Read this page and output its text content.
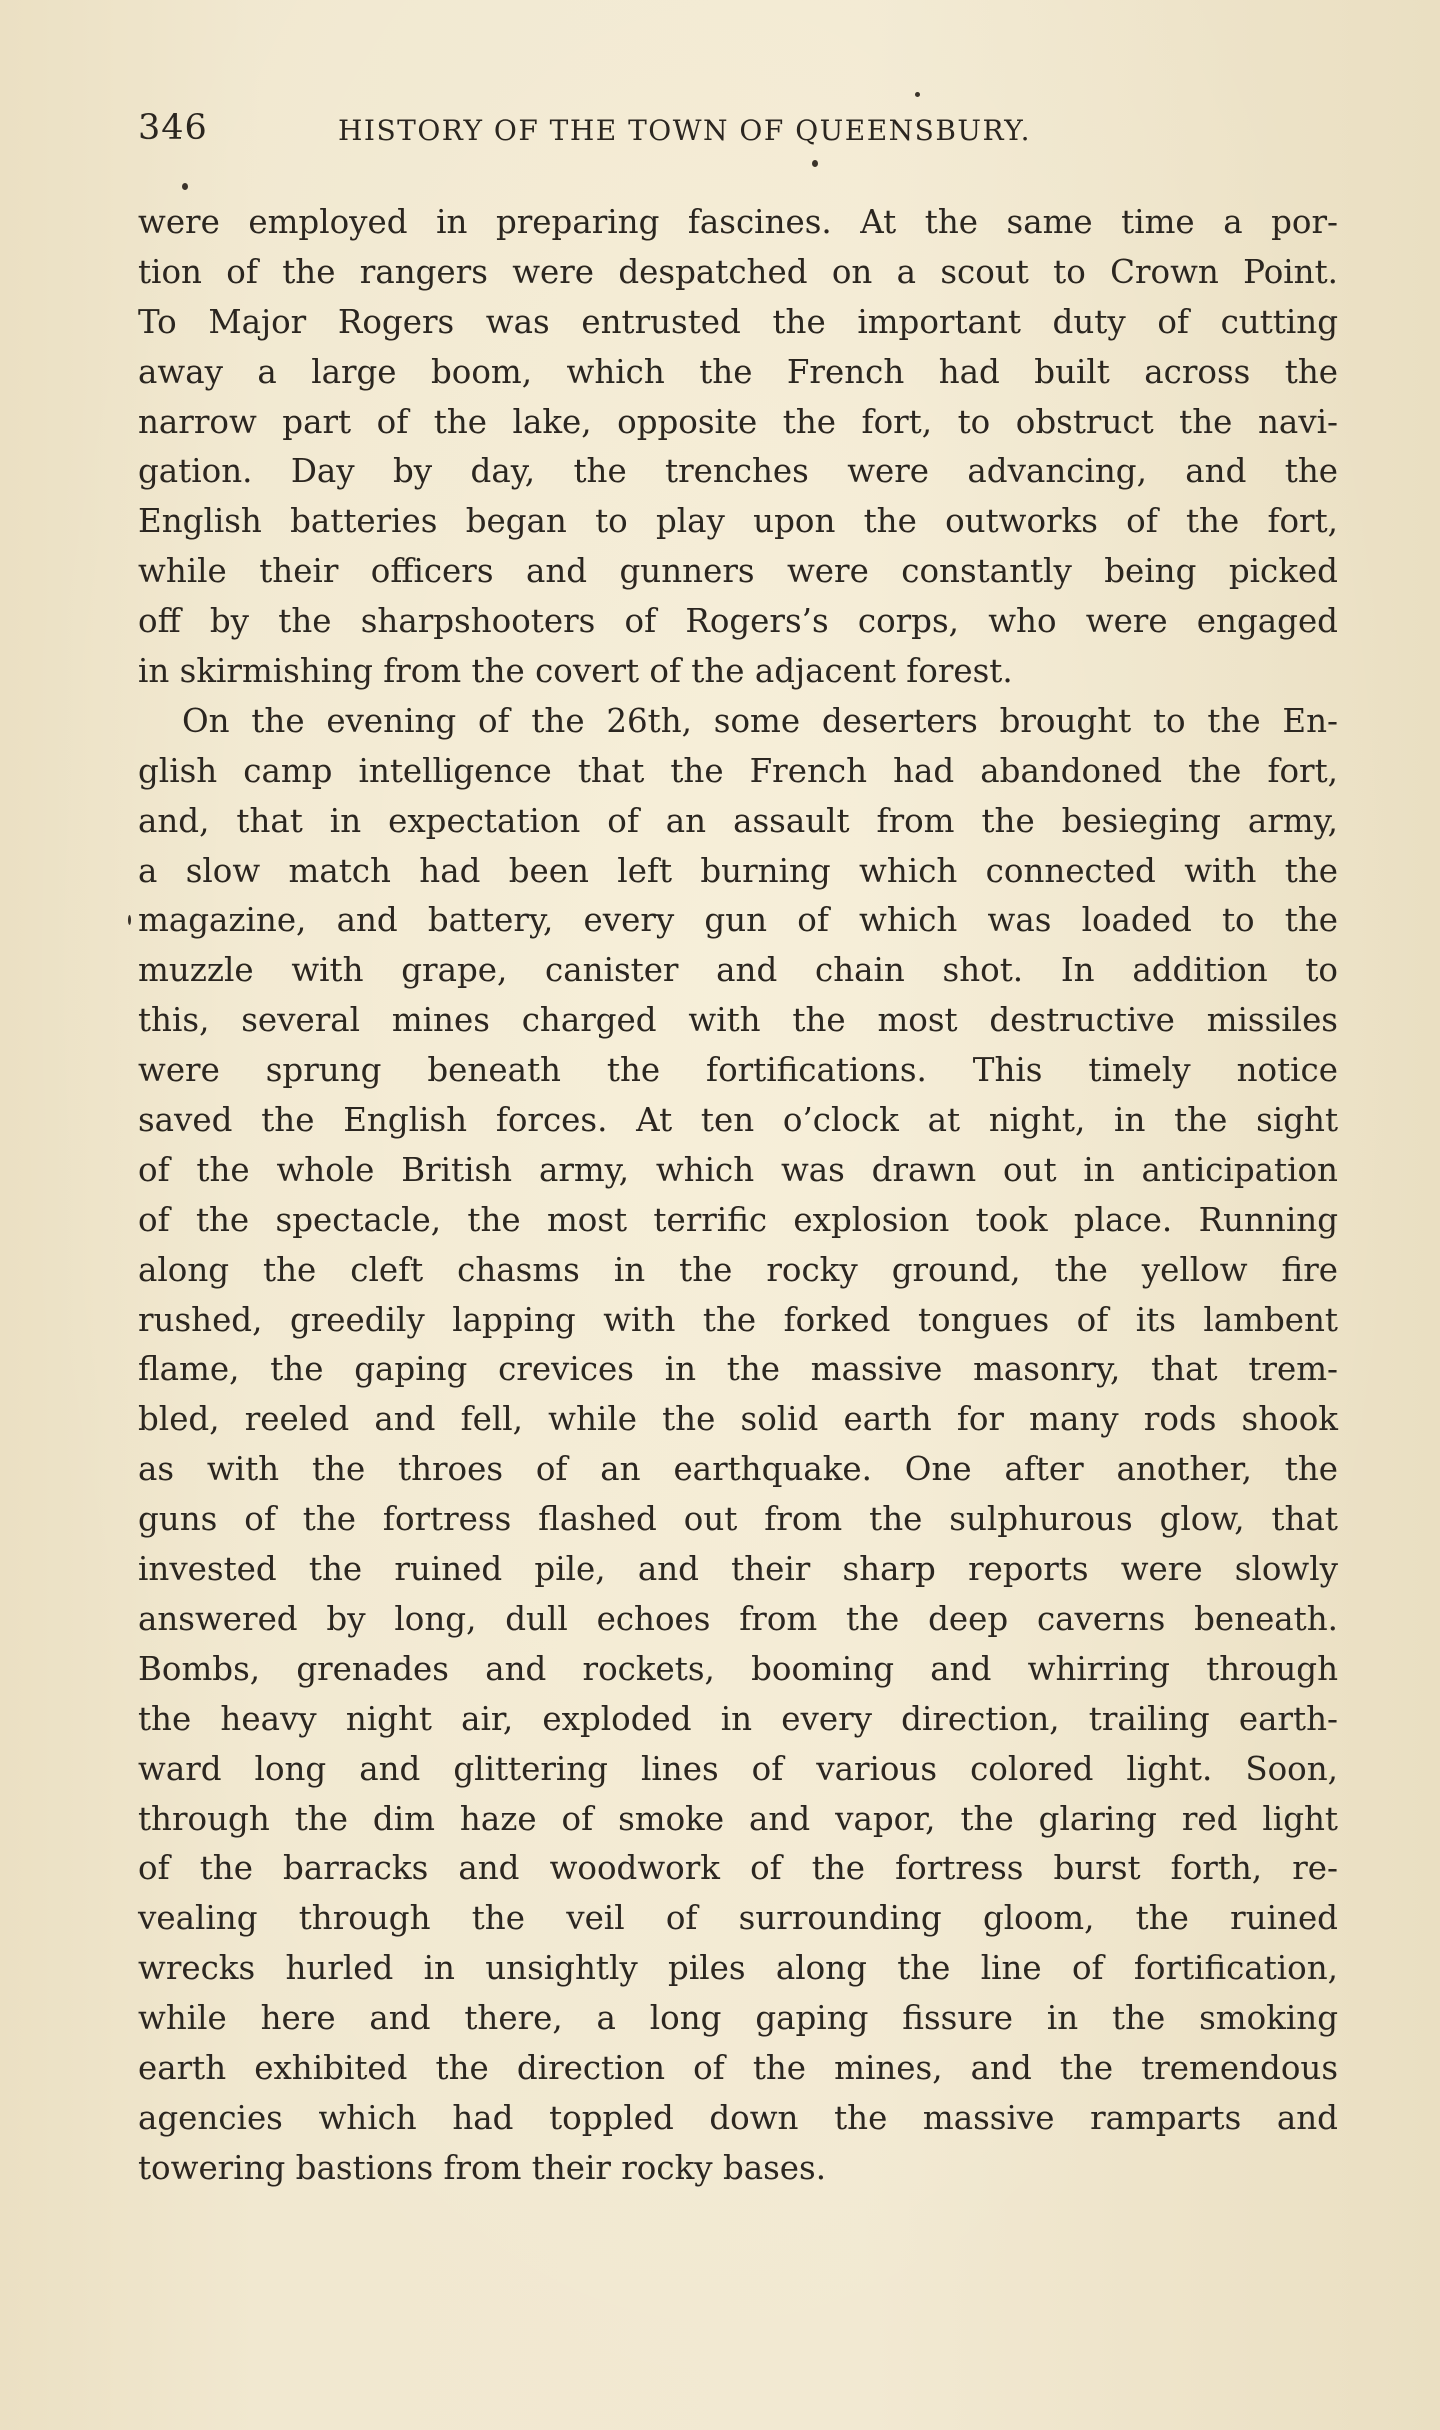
346	HISTORY OF THE TOWN OF QUEENSBURY.
were employed in preparing fascines. At the same time a por-
tion of the rangers were despatched on a scout to Crown Point.
To Major Rogers was entrusted the important duty of cutting
away a large boom, which the French had built across the
narrow part of the lake, opposite the fort, to obstruct the navi-
gation. Day by day, the trenches were advancing, and the
English batteries began to play upon the outworks of the fort,
while their officers and gunners were constantly being picked
off by the sharpshooters of Rogers’s corps, who were engaged
in skirmishing from the covert of the adjacent forest.
On the evening of the 26th, some deserters brought to the En-
glish camp intelligence that the French had abandoned the fort,
and, that in expectation of an assault from the besieging army,
a slow match had been left burning which connected with the
magazine, and battery, every gun of which was loaded to the
muzzle with grape, canister and chain shot. In addition to
this, several mines charged with the most destructive missiles
were sprung beneath the fortifications. This timely notice
saved the English forces. At ten o’clock at night, in the sight
of the whole British army, which was drawn out in anticipation
of the spectacle, the most terrific explosion took place. Running
along the cleft chasms in the rocky ground, the yellow fire
rushed, greedily lapping with the forked tongues of its lambent
flame, the gaping crevices in the massive masonry, that trem-
bled, reeled and fell, while the solid earth for many rods shook
as with the throes of an earthquake. One after another, the
guns of the fortress flashed out from the sulphurous glow, that
invested the ruined pile, and their sharp reports were slowly
answered by long, dull echoes from the deep caverns beneath.
Bombs, grenades and rockets, booming and whirring through
the heavy night air, exploded in every direction, trailing earth-
ward long and glittering lines of various colored light. Soon,
through the dim haze of smoke and vapor, the glaring red light
of the barracks and woodwork of the fortress burst forth, re-
vealing through the veil of surrounding gloom, the ruined
wrecks hurled in unsightly piles along the line of fortification,
while here and there, a long gaping fissure in the smoking
earth exhibited the direction of the mines, and the tremendous
agencies which had toppled down the massive ramparts and
towering bastions from their rocky bases.
